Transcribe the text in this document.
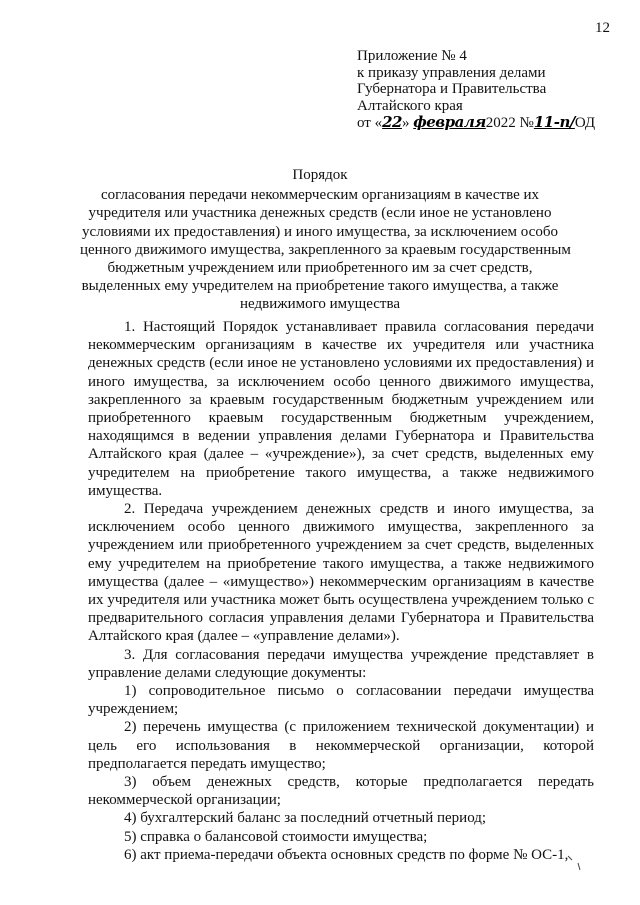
12
Приложение № 4
к приказу управления делами
Губернатора и Правительства
Алтайского края
от «22» февраля2022 №11-п/ОД
Порядок
согласования передачи некоммерческим организациям в качестве их
учредителя или участника денежных средств (если иное не установлено
условиями их предоставления) и иного имущества, за исключением особо
ценного движимого имущества, закрепленного за краевым государственным
бюджетным учреждением или приобретенного им за счет средств,
выделенных ему учредителем на приобретение такого имущества, а также
недвижимого имущества

1. Настоящий Порядок устанавливает правила согласования передачи некоммерческим организациям в качестве их учредителя или участника денежных средств (если иное не установлено условиями их предоставления) и иного имущества, за исключением особо ценного движимого имущества, закрепленного за краевым государственным бюджетным учреждением или приобретенного краевым государственным бюджетным учреждением, находящимся в ведении управления делами Губернатора и Правительства Алтайского края (далее – «учреждение»), за счет средств, выделенных ему учредителем на приобретение такого имущества, а также недвижимого имущества.

2. Передача учреждением денежных средств и иного имущества, за исключением особо ценного движимого имущества, закрепленного за учреждением или приобретенного учреждением за счет средств, выделенных ему учредителем на приобретение такого имущества, а также недвижимого имущества (далее – «имущество») некоммерческим организациям в качестве их учредителя или участника может быть осуществлена учреждением только с предварительного согласия управления делами Губернатора и Правительства Алтайского края (далее – «управление делами»).

3. Для согласования передачи имущества учреждение представляет в управление делами следующие документы:

1) сопроводительное письмо о согласовании передачи имущества учреждением;

2) перечень имущества (с приложением технической документации) и цель его использования в некоммерческой организации, которой предполагается передать имущество;

3) объем денежных средств, которые предполагается передать некоммерческой организации;

4) бухгалтерский баланс за последний отчетный период;

5) справка о балансовой стоимости имущества;

6) акт приема-передачи объекта основных средств по форме № ОС-1,
